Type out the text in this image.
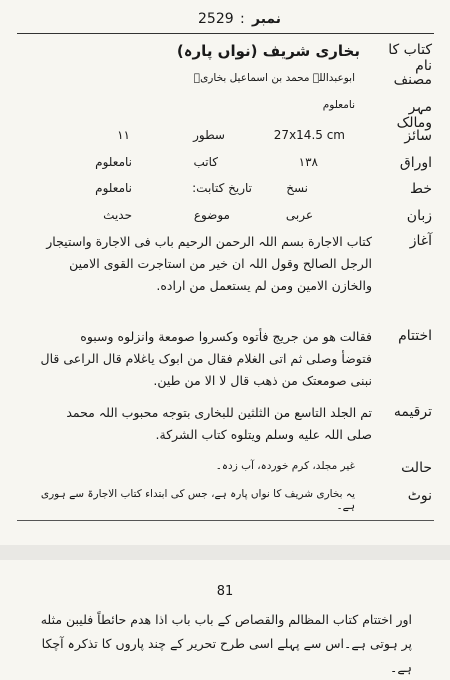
2529 : نمبر
کتاب کا نام
بخاری شریف (نواں پارہ)
مصنف
ابوعبداللہ محمد بن اسماعیل بخاریؒ
مہر ومالک
نامعلوم
سائز
27x14.5 cm
سطور
۱۱
اوراق
۱۳۸
کاتب
نامعلوم
خط
نسخ
تاریخ کتابت:
نامعلوم
زبان
عربی
موضوع
حدیث
آغاز
کتاب الاجارة بسم اللہ الرحمن الرحیم باب فی الاجارة واستیجار
الرجل الصالح وقول اللہ ان خیر من استاجرت القوی الامین
والخازن الامین ومن لم یستعمل من اراده.
اختتام
فقالت هو من جریج فأتوه وکسروا صومعة وانزلوه وسبوه
فتوضأ وصلی ثم اتی الغلام فقال من ابوک یاغلام قال الراعی قال
نبنی صومعتک من ذهب قال لا الا من طین.
ترقیمه
تم الجلد التاسع من الثلثین للبخاری بتوجه محبوب اللہ محمد
صلی اللہ علیه وسلم ویتلوه کتاب الشرکة.
حالت
غیر مجلد، کرم خوردہ، آب زدہ۔
نوٹ
یہ بخاری شریف کا نواں پارہ ہے، جس کی ابتداء کتاب الاجارۃ سے ہوری ہے۔
81
اور اختتام کتاب المظالم والقصاص کے باب باب اذا هدم حائطاً فلیبن مثله
پر ہوتی ہے۔اس سے پہلے اسی طرح تحریر کے چند پاروں کا تذکرہ آچکا ہے۔
